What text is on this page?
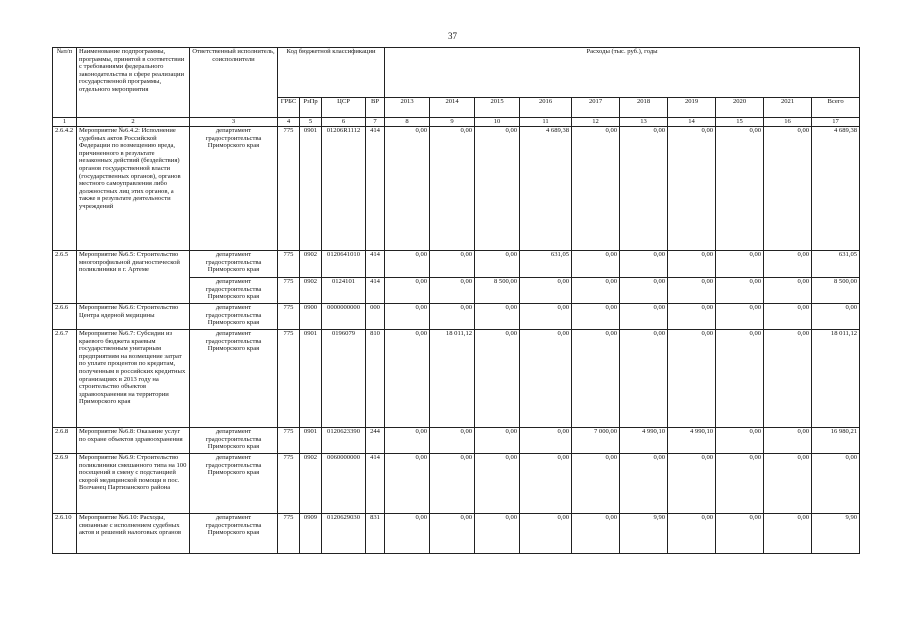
37
№п/п	Наименование подпрограммы, программы, принятой в соответствии с требованиями федерального законодательства в сфере реализации государственной программы, отдельного мероприятия	Ответственный исполнитель, соисполнители	Код бюджетной классификации				Расходы (тыс. руб.), годы									
			ГРБС	РзПр	ЦСР	ВР	2013	2014	2015	2016	2017	2018	2019	2020	2021	Всего
1	2	3	4	5	6	7	8	9	10	11	12	13	14	15	16	17
2.6.4.2	Мероприятие №6.4.2: Исполнение судебных актов Российской Федерации по возмещению вреда, причиненного в результате незаконных действий (бездействия) органов государственной власти (государственных органов), органов местного самоуправления либо должностных лиц этих органов, а также в результате деятельности учреждений	департамент градостроительства Приморского края	775	0901	01206R1112	414	0,00	0,00	0,00	4 689,38	0,00	0,00	0,00	0,00	0,00	4 689,38
2.6.5	Мероприятие №6.5: Строительство многопрофильной диагностической поликлиники в г. Артеме	департамент градостроительства Приморского края	775	0902	0120641010	414	0,00	0,00	0,00	631,05	0,00	0,00	0,00	0,00	0,00	631,05
		департамент градостроительства Приморского края	775	0902	0124101	414	0,00	0,00	8 500,00	0,00	0,00	0,00	0,00	0,00	0,00	8 500,00
2.6.6	Мероприятие №6.6: Строительство Центра ядерной медицины	департамент градостроительства Приморского края	775	0900	0000000000	000	0,00	0,00	0,00	0,00	0,00	0,00	0,00	0,00	0,00	0,00
2.6.7	Мероприятие №6.7: Субсидии из краевого бюджета краевым государственным унитарным предприятиям на возмещение затрат по уплате процентов по кредитам, полученным в российских кредитных организациях в 2013 году на строительство объектов здравоохранения на территории Приморского края	департамент градостроительства Приморского края	775	0901	0196079	810	0,00	18 011,12	0,00	0,00	0,00	0,00	0,00	0,00	0,00	18 011,12
2.6.8	Мероприятие №6.8: Оказание услуг по охране объектов здравоохранения	департамент градостроительства Приморского края	775	0901	0120623390	244	0,00	0,00	0,00	0,00	7 000,00	4 990,10	4 990,10	0,00	0,00	16 980,21
2.6.9	Мероприятие №6.9: Строительство поликлиники смешанного типа на 100 посещений в смену с подстанцией скорой медицинской помощи в пос. Волчанец Партизанского района	департамент градостроительства Приморского края	775	0902	0060000000	414	0,00	0,00	0,00	0,00	0,00	0,00	0,00	0,00	0,00	0,00
2.6.10	Мероприятие №6.10: Расходы, связанные с исполнением судебных актов и решений налоговых органов	департамент градостроительства Приморского края	775	0909	0120629030	831	0,00	0,00	0,00	0,00	0,00	9,90	0,00	0,00	0,00	9,90
